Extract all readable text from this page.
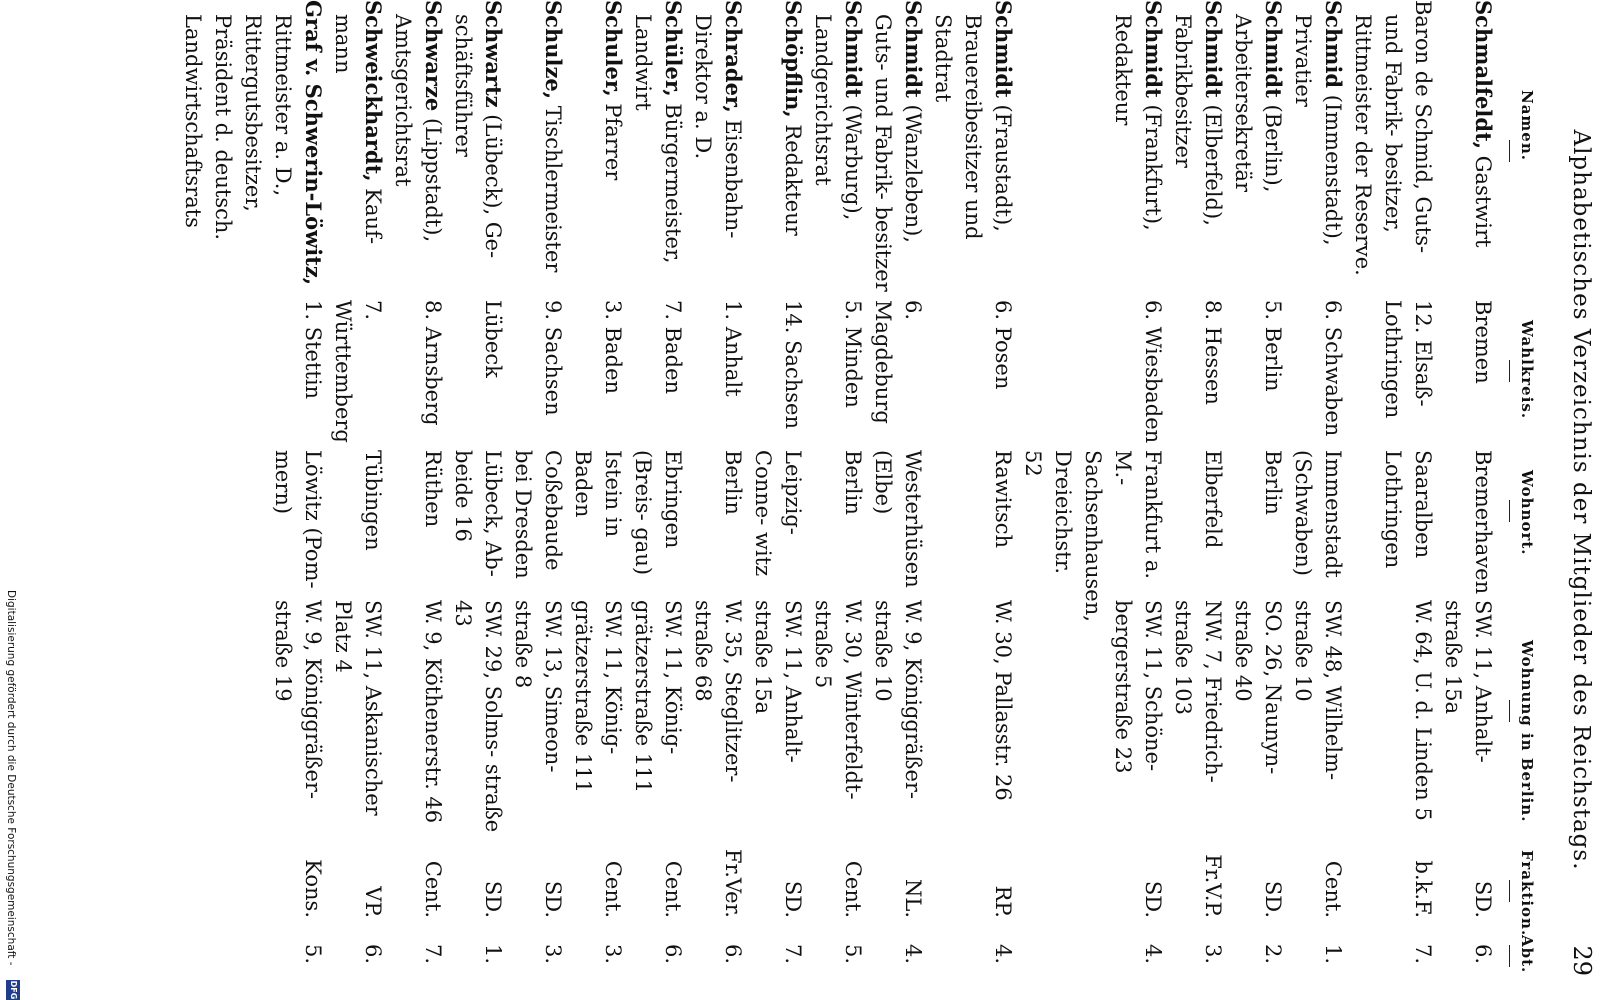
Alphabetisches Verzeichnis der Mitglieder des Reichstags.
29
Namen.
Wahlkreis.
Wohnort.
Wohnung in Berlin.
Fraktion.
Abt.
Schmalfeldt, Gastwirt
Bremen
Bremerhaven
SW. 11, Anhalt- straße 15a
SD.
6.
Baron de Schmid, Guts- und Fabrik- besitzer, Rittmeister der Reserve.
12. Elsaß- Lothringen
Saaralben Lothringen
W. 64, U. d. Linden 5
b.k.F.
7.
Schmid (Immenstadt), Privatier
6. Schwaben
Immenstadt (Schwaben)
SW. 48, Wilhelm- straße 10
Cent.
1.
Schmidt (Berlin), Arbeitersekretär
5. Berlin
Berlin
SO. 26, Naunyn- straße 40
SD.
2.
Schmidt (Elberfeld), Fabrikbesitzer
8. Hessen
Elberfeld
NW. 7, Friedrich- straße 103
Fr.V.P.
3.
Schmidt (Frankfurt), Redakteur
6. Wiesbaden
Frankfurt a. M.- Sachsenhausen, Dreieichstr. 52
SW. 11, Schöne- bergerstraße 23
SD.
4.
Schmidt (Fraustadt), Brauereibesitzer und Stadtrat
6. Posen
Rawitsch
W. 30, Pallasstr. 26
RP.
4.
Schmidt (Wanzleben), Guts- und Fabrik- besitzer
6. Magdeburg
Westerhüsen (Elbe)
W. 9, Königgräßer- straße 10
NL.
4.
Schmidt (Warburg), Landgerichtsrat
5. Minden
Berlin
W. 30, Winterfeldt- straße 5
Cent.
5.
Schöpflin, Redakteur
14. Sachsen
Leipzig-Conne- witz
SW. 11, Anhalt- straße 15a
SD.
7.
Schrader, Eisenbahn- Direktor a. D.
1. Anhalt
Berlin
W. 35, Steglitzer- straße 68
Fr.Ver.
6.
Schüler, Bürgermeister, Landwirt
7. Baden
Ebringen (Breis- gau)
SW. 11, König- grätzerstraße 111
Cent.
6.
Schuler, Pfarrer
3. Baden
Istein in Baden
SW. 11, König- grätzerstraße 111
Cent.
3.
Schulze, Tischlermeister
9. Sachsen
Coßebaude bei Dresden
SW. 13, Simeon- straße 8
SD.
3.
Schwartz (Lübeck), Ge- schäftsführer
Lübeck
Lübeck, Ab- beide 16
SW. 29, Solms- straße 43
SD.
1.
Schwarze (Lippstadt), Amtsgerichtsrat
8. Arnsberg
Rüthen
W. 9, Köthenerstr. 46
Cent.
7.
Schweickhardt, Kauf- mann
7. Württemberg
Tübingen
SW. 11, Askanischer Platz 4
VP.
6.
Graf v. Schwerin-Löwitz, Rittmeister a. D., Rittergutsbesitzer, Präsident d. deutsch. Landwirtschaftsrats
1. Stettin
Löwitz (Pom- mern)
W. 9, Königgräßer- straße 19
Kons.
5.
Digitalisierung gefördert durch die Deutsche Forschungsgemeinschaft -
DFG
